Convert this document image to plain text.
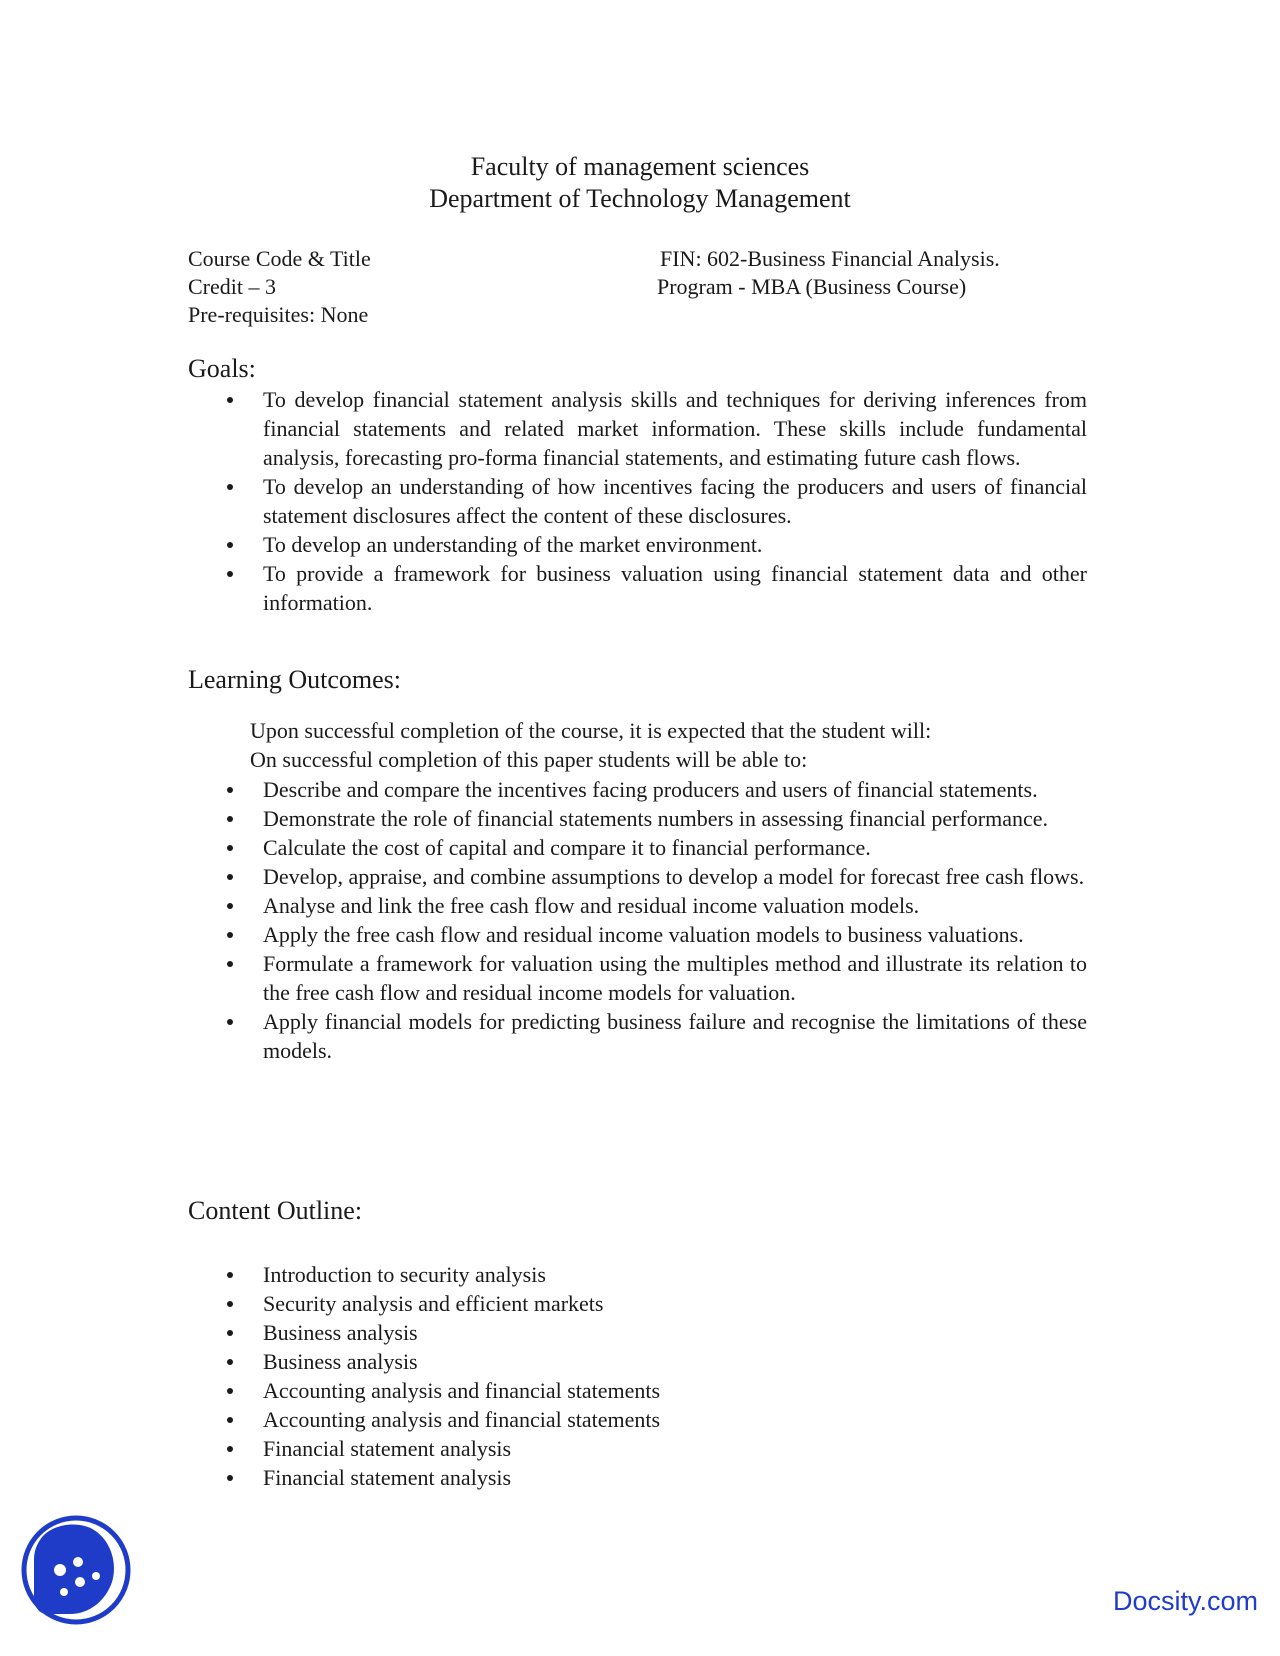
Faculty of management sciences
Department of Technology Management
Course Code & Title	FIN: 602-Business Financial Analysis.
Credit – 3	Program - MBA (Business Course)
Pre-requisites: None
Goals:
To develop financial statement analysis skills and techniques for deriving inferences from financial statements and related market information. These skills include fundamental analysis, forecasting pro-forma financial statements, and estimating future cash flows.
To develop an understanding of how incentives facing the producers and users of financial statement disclosures affect the content of these disclosures.
To develop an understanding of the market environment.
To provide a framework for business valuation using financial statement data and other information.
Learning Outcomes:
Upon successful completion of the course, it is expected that the student will:
On successful completion of this paper students will be able to:
Describe and compare the incentives facing producers and users of financial statements.
Demonstrate the role of financial statements numbers in assessing financial performance.
Calculate the cost of capital and compare it to financial performance.
Develop, appraise, and combine assumptions to develop a model for forecast free cash flows.
Analyse and link the free cash flow and residual income valuation models.
Apply the free cash flow and residual income valuation models to business valuations.
Formulate a framework for valuation using the multiples method and illustrate its relation to the free cash flow and residual income models for valuation.
Apply financial models for predicting business failure and recognise the limitations of these models.
Content Outline:
Introduction to security analysis
Security analysis and efficient markets
Business analysis
Business analysis
Accounting analysis and financial statements
Accounting analysis and financial statements
Financial statement analysis
Financial statement analysis
Docsity.com
